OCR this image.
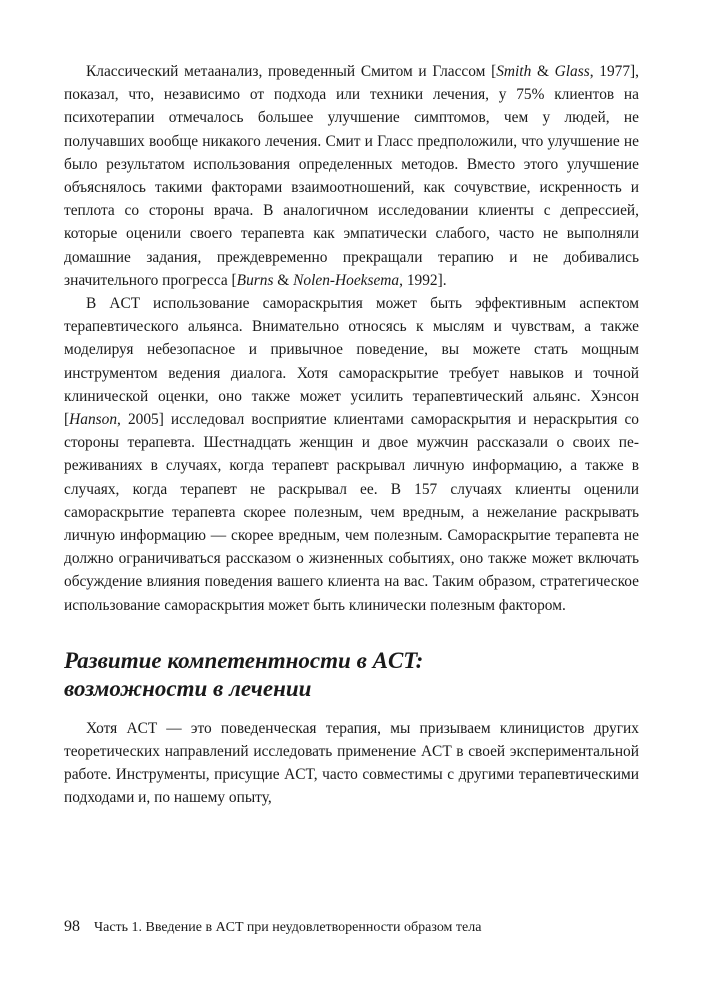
Классический метаанализ, проведенный Смитом и Глассом [Smith & Glass, 1977], показал, что, независимо от подхода или техники лечения, у 75% клиентов на психотерапии отмечалось большее улучшение симптомов, чем у людей, не получавших вообще никакого лечения. Смит и Гласс предположили, что улучшение не было результатом использования определенных методов. Вместо этого улучшение объяснялось такими факторами взаимоотношений, как сочувствие, искренность и теплота со стороны врача. В аналогичном исследовании клиенты с депрессией, которые оценили своего терапевта как эмпатически слабого, часто не выполняли домашние задания, преждевременно прекращали терапию и не добивались значительного прогресса [Burns & Nolen-Hoeksema, 1992].

В ACT использование самораскрытия может быть эффективным аспектом терапевтического альянса. Внимательно относясь к мыслям и чувствам, а также моделируя небезопасное и привычное поведение, вы можете стать мощным инструментом ведения диалога. Хотя самораскрытие требует навыков и точной клинической оценки, оно также может усилить терапевтический альянс. Хэнсон [Hanson, 2005] исследовал восприятие клиентами самораскрытия и нераскрытия со стороны терапевта. Шестнадцать женщин и двое мужчин рассказали о своих переживаниях в случаях, когда терапевт раскрывал личную информацию, а также в случаях, когда терапевт не раскрывал ее. В 157 случаях клиенты оценили самораскрытие терапевта скорее полезным, чем вредным, а нежелание раскрывать личную информацию — скорее вредным, чем полезным. Самораскрытие терапевта не должно ограничиваться рассказом о жизненных событиях, оно также может включать обсуждение влияния поведения вашего клиента на вас. Таким образом, стратегическое использование самораскрытия может быть клинически полезным фактором.

Развитие компетентности в ACT:
возможности в лечении

Хотя ACT — это поведенческая терапия, мы призываем клиницистов других теоретических направлений исследовать применение ACT в своей экспериментальной работе. Инструменты, присущие ACT, часто совместимы с другими терапевтическими подходами и, по нашему опыту,

98 Часть 1. Введение в ACT при неудовлетворенности образом тела
